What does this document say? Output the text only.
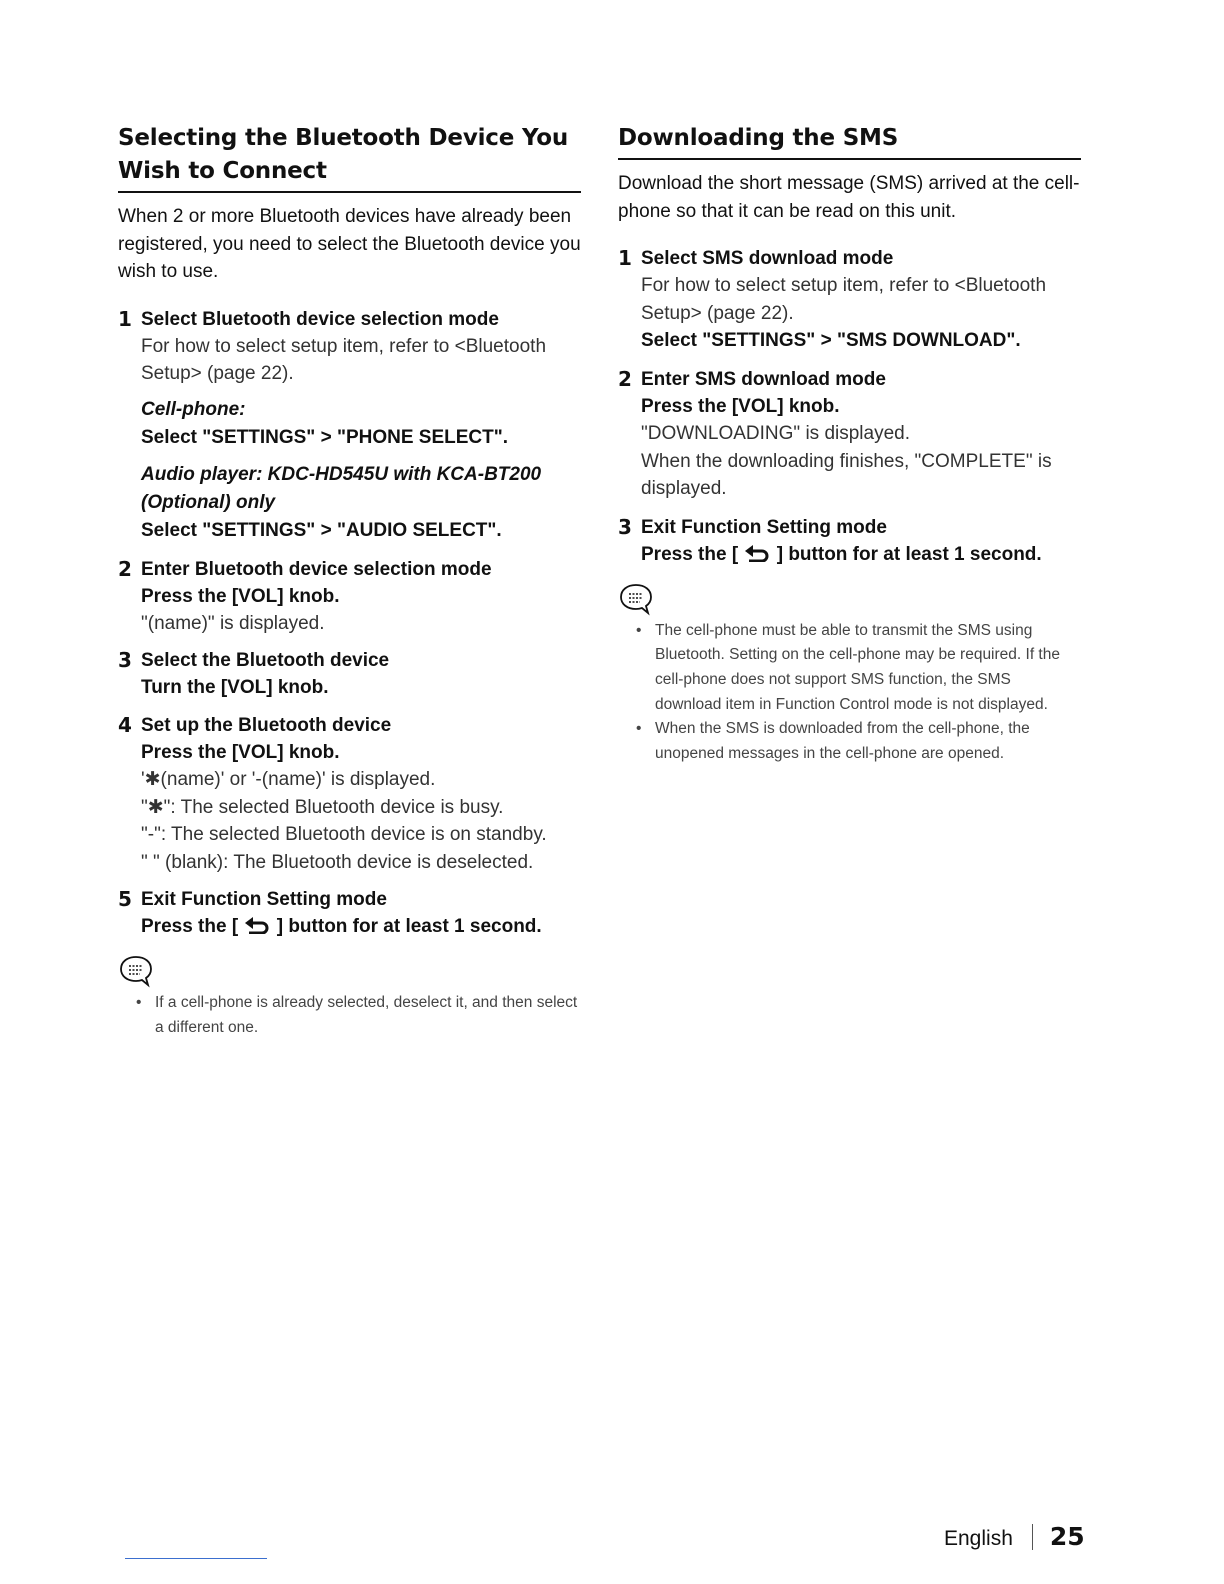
Selecting the Bluetooth Device You
Wish to Connect

When 2 or more Bluetooth devices have already been registered, you need to select the Bluetooth device you wish to use.

1 Select Bluetooth device selection mode
For how to select setup item, refer to <Bluetooth
Setup> (page 22).
Cell-phone:
Select "SETTINGS" > "PHONE SELECT".
Audio player: KDC-HD545U with KCA-BT200
(Optional) only
Select "SETTINGS" > "AUDIO SELECT".
2 Enter Bluetooth device selection mode
Press the [VOL] knob.
"(name)" is displayed.
3 Select the Bluetooth device
Turn the [VOL] knob.
4 Set up the Bluetooth device
Press the [VOL] knob.
'✱(name)' or '-(name)' is displayed.
"✱": The selected Bluetooth device is busy.
"-": The selected Bluetooth device is on standby.
" " (blank): The Bluetooth device is deselected.
5 Exit Function Setting mode
Press the [ ] button for at least 1 second.
• If a cell-phone is already selected, deselect it, and then select a different one.
Downloading the SMS

Download the short message (SMS) arrived at the cell-phone so that it can be read on this unit.

1 Select SMS download mode
For how to select setup item, refer to <Bluetooth
Setup> (page 22).
Select "SETTINGS" > "SMS DOWNLOAD".
2 Enter SMS download mode
Press the [VOL] knob.
"DOWNLOADING" is displayed.
When the downloading finishes, "COMPLETE" is displayed.
3 Exit Function Setting mode
Press the [ ] button for at least 1 second.
• The cell-phone must be able to transmit the SMS using Bluetooth. Setting on the cell-phone may be required. If the cell-phone does not support SMS function, the SMS download item in Function Control mode is not displayed.
• When the SMS is downloaded from the cell-phone, the unopened messages in the cell-phone are opened.
English 25
